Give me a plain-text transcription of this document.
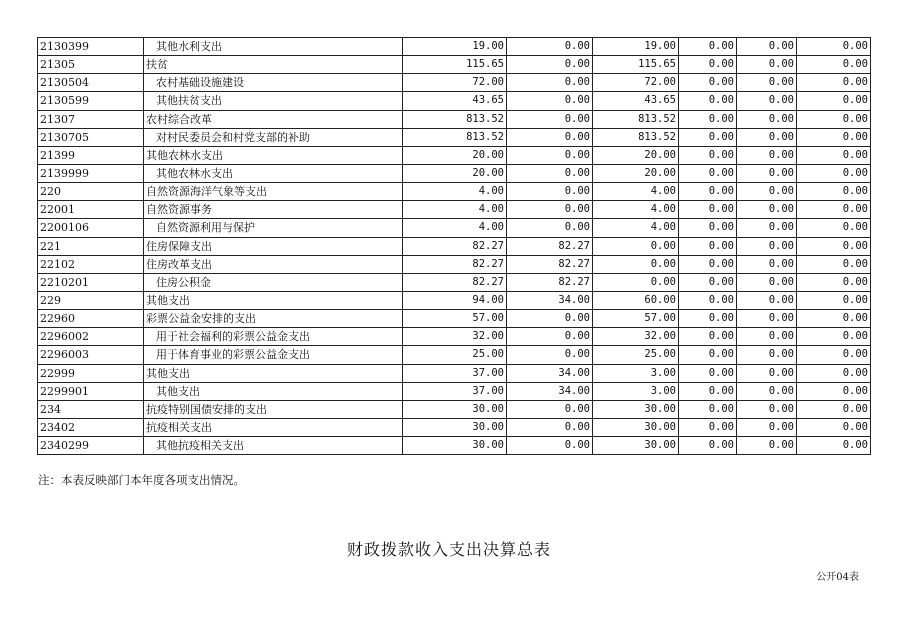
2130399	其他水利支出	19.00	0.00	19.00	0.00	0.00	0.00
21305	扶贫	115.65	0.00	115.65	0.00	0.00	0.00
2130504	农村基础设施建设	72.00	0.00	72.00	0.00	0.00	0.00
2130599	其他扶贫支出	43.65	0.00	43.65	0.00	0.00	0.00
21307	农村综合改革	813.52	0.00	813.52	0.00	0.00	0.00
2130705	对村民委员会和村党支部的补助	813.52	0.00	813.52	0.00	0.00	0.00
21399	其他农林水支出	20.00	0.00	20.00	0.00	0.00	0.00
2139999	其他农林水支出	20.00	0.00	20.00	0.00	0.00	0.00
220	自然资源海洋气象等支出	4.00	0.00	4.00	0.00	0.00	0.00
22001	自然资源事务	4.00	0.00	4.00	0.00	0.00	0.00
2200106	自然资源利用与保护	4.00	0.00	4.00	0.00	0.00	0.00
221	住房保障支出	82.27	82.27	0.00	0.00	0.00	0.00
22102	住房改革支出	82.27	82.27	0.00	0.00	0.00	0.00
2210201	住房公积金	82.27	82.27	0.00	0.00	0.00	0.00
229	其他支出	94.00	34.00	60.00	0.00	0.00	0.00
22960	彩票公益金安排的支出	57.00	0.00	57.00	0.00	0.00	0.00
2296002	用于社会福利的彩票公益金支出	32.00	0.00	32.00	0.00	0.00	0.00
2296003	用于体育事业的彩票公益金支出	25.00	0.00	25.00	0.00	0.00	0.00
22999	其他支出	37.00	34.00	3.00	0.00	0.00	0.00
2299901	其他支出	37.00	34.00	3.00	0.00	0.00	0.00
234	抗疫特别国债安排的支出	30.00	0.00	30.00	0.00	0.00	0.00
23402	抗疫相关支出	30.00	0.00	30.00	0.00	0.00	0.00
2340299	其他抗疫相关支出	30.00	0.00	30.00	0.00	0.00	0.00
注：本表反映部门本年度各项支出情况。
财政拨款收入支出决算总表
公开04表
